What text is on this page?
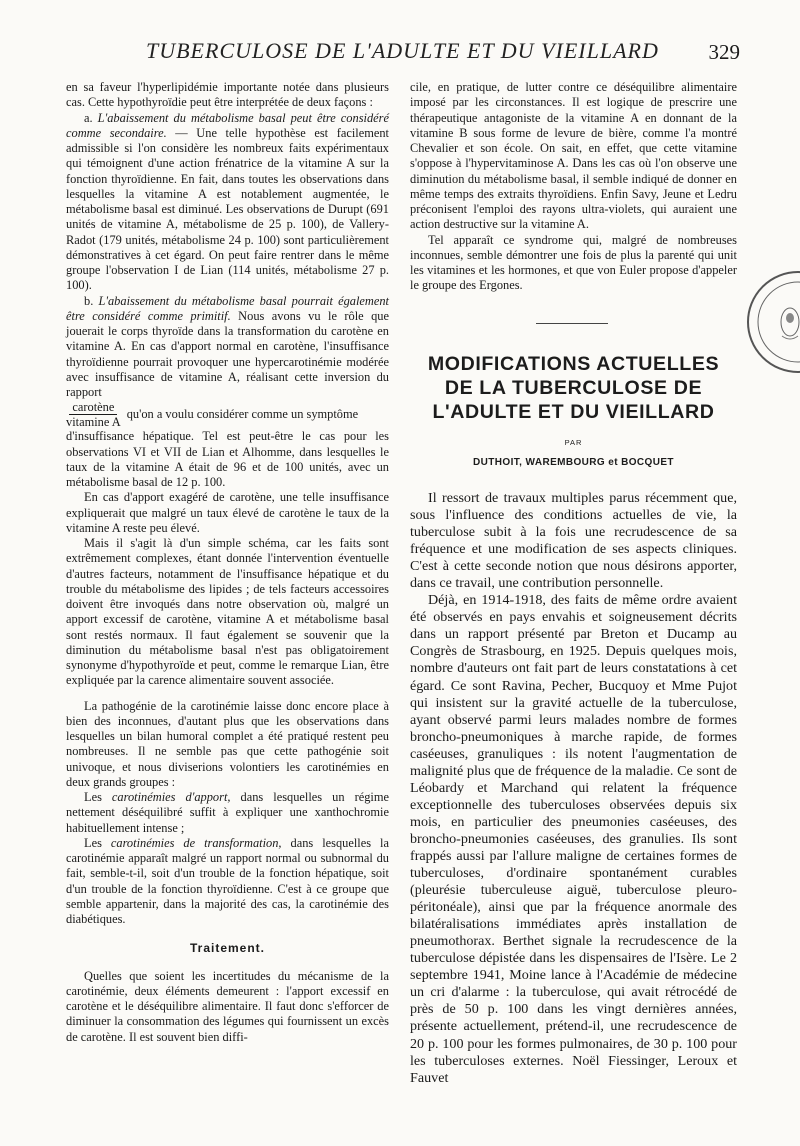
TUBERCULOSE DE L'ADULTE ET DU VIEILLARD 329

en sa faveur l'hyperlipidémie importante notée dans plusieurs cas. Cette hypothyroïdie peut être interprétée de deux façons :

a. L'abaissement du métabolisme basal peut être considéré comme secondaire. — Une telle hypothèse est facilement admissible si l'on considère les nombreux faits expérimentaux qui témoignent d'une action frénatrice de la vitamine A sur la fonction thyroïdienne. En fait, dans toutes les observations dans lesquelles la vitamine A est notablement augmentée, le métabolisme basal est diminué. Les observations de Durupt (691 unités de vitamine A, métabolisme de 25 p. 100), de Vallery-Radot (179 unités, métabolisme 24 p. 100) sont particulièrement démonstratives à cet égard. On peut faire rentrer dans le même groupe l'observation I de Lian (114 unités, métabolisme 27 p. 100).

b. L'abaissement du métabolisme basal pourrait également être considéré comme primitif. Nous avons vu le rôle que jouerait le corps thyroïde dans la transformation du carotène en vitamine A. En cas d'apport normal en carotène, l'insuffisance thyroïdienne pourrait provoquer une hypercarotinémie modérée avec insuffisance de vitamine A, réalisant cette inversion du rapport

$\frac{\text{carotène}}{\text{vitamine A}} qu'on$ a voulu considérer comme un symptôme

d'insuffisance hépatique. Tel est peut-être le cas pour les observations VI et VII de Lian et Alhomme, dans lesquelles le taux de la vitamine A était de 96 et de 100 unités, avec un métabolisme basal de 12 p. 100.

En cas d'apport exagéré de carotène, une telle insuffisance expliquerait que malgré un taux élevé de carotène le taux de la vitamine A reste peu élevé.

Mais il s'agit là d'un simple schéma, car les faits sont extrêmement complexes, étant donnée l'intervention éventuelle d'autres facteurs, notamment de l'insuffisance hépatique et du trouble du métabolisme des lipides ; de tels facteurs accessoires doivent être invoqués dans notre observation où, malgré un apport excessif de carotène, vitamine A et métabolisme basal sont restés normaux. Il faut également se souvenir que la diminution du métabolisme basal n'est pas obligatoirement synonyme d'hypothyroïde et peut, comme le remarque Lian, être expliquée par la carence alimentaire souvent associée.

La pathogénie de la carotinémie laisse donc encore place à bien des inconnues, d'autant plus que les observations dans lesquelles un bilan humoral complet a été pratiqué restent peu nombreuses. Il ne semble pas que cette pathogénie soit univoque, et nous diviserions volontiers les carotinémies en deux grands groupes :

Les carotinémies d'apport, dans lesquelles un régime nettement déséquilibré suffit à expliquer une xanthochromie habituellement intense ;

Les carotinémies de transformation, dans lesquelles la carotinémie apparaît malgré un rapport normal ou subnormal du fait, semble-t-il, soit d'un trouble de la fonction hépatique, soit d'un trouble de la fonction thyroïdienne. C'est à ce groupe que semble appartenir, dans la majorité des cas, la carotinémie des diabétiques.

Traitement.

Quelles que soient les incertitudes du mécanisme de la carotinémie, deux éléments demeurent : l'apport excessif en carotène et le déséquilibre alimentaire. Il faut donc s'efforcer de diminuer la consommation des légumes qui fournissent un excès de carotène. Il est souvent bien diffi-

cile, en pratique, de lutter contre ce déséquilibre alimentaire imposé par les circonstances. Il est logique de prescrire une thérapeutique antagoniste de la vitamine A en donnant de la vitamine B sous forme de levure de bière, comme l'a montré Chevalier et son école. On sait, en effet, que cette vitamine s'oppose à l'hypervitaminose A. Dans les cas où l'on observe une diminution du métabolisme basal, il semble indiqué de donner en même temps des extraits thyroïdiens. Enfin Savy, Jeune et Ledru préconisent l'emploi des rayons ultra-violets, qui auraient une action destructive sur la vitamine A.

Tel apparaît ce syndrome qui, malgré de nombreuses inconnues, semble démontrer une fois de plus la parenté qui unit les vitamines et les hormones, et que von Euler propose d'appeler le groupe des Ergones.

MODIFICATIONS ACTUELLES
DE LA TUBERCULOSE DE
L'ADULTE ET DU VIEILLARD
PAR
DUTHOIT, WAREMBOURG et BOCQUET

Il ressort de travaux multiples parus récemment que, sous l'influence des conditions actuelles de vie, la tuberculose subit à la fois une recrudescence de sa fréquence et une modification de ses aspects cliniques. C'est à cette seconde notion que nous désirons apporter, dans ce travail, une contribution personnelle.

Déjà, en 1914-1918, des faits de même ordre avaient été observés en pays envahis et soigneusement décrits dans un rapport présenté par Breton et Ducamp au Congrès de Strasbourg, en 1925. Depuis quelques mois, nombre d'auteurs ont fait part de leurs constatations à cet égard. Ce sont Ravina, Pecher, Bucquoy et Mme Pujot qui insistent sur la gravité actuelle de la tuberculose, ayant observé parmi leurs malades nombre de formes broncho-pneumoniques à marche rapide, de formes caséeuses, granuliques : ils notent l'augmentation de malignité plus que de fréquence de la maladie. Ce sont de Léobardy et Marchand qui relatent la fréquence exceptionnelle des tuberculoses observées depuis six mois, en particulier des pneumonies caséeuses, des broncho-pneumonies caséeuses, des granulies. Ils sont frappés aussi par l'allure maligne de certaines formes de tuberculoses, d'ordinaire spontanément curables (pleurésie tuberculeuse aiguë, tuberculose pleuro-péritonéale), ainsi que par la fréquence anormale des bilatéralisations immédiates après installation de pneumothorax. Berthet signale la recrudescence de la tuberculose dépistée dans les dispensaires de l'Isère. Le 2 septembre 1941, Moine lance à l'Académie de médecine un cri d'alarme : la tuberculose, qui avait rétrocédé de près de 50 p. 100 dans les vingt dernières années, présente actuellement, prétend-il, une recrudescence de 20 p. 100 pour les formes pulmonaires, de 30 p. 100 pour les tuberculoses externes. Noël Fiessinger, Leroux et Fauvet
